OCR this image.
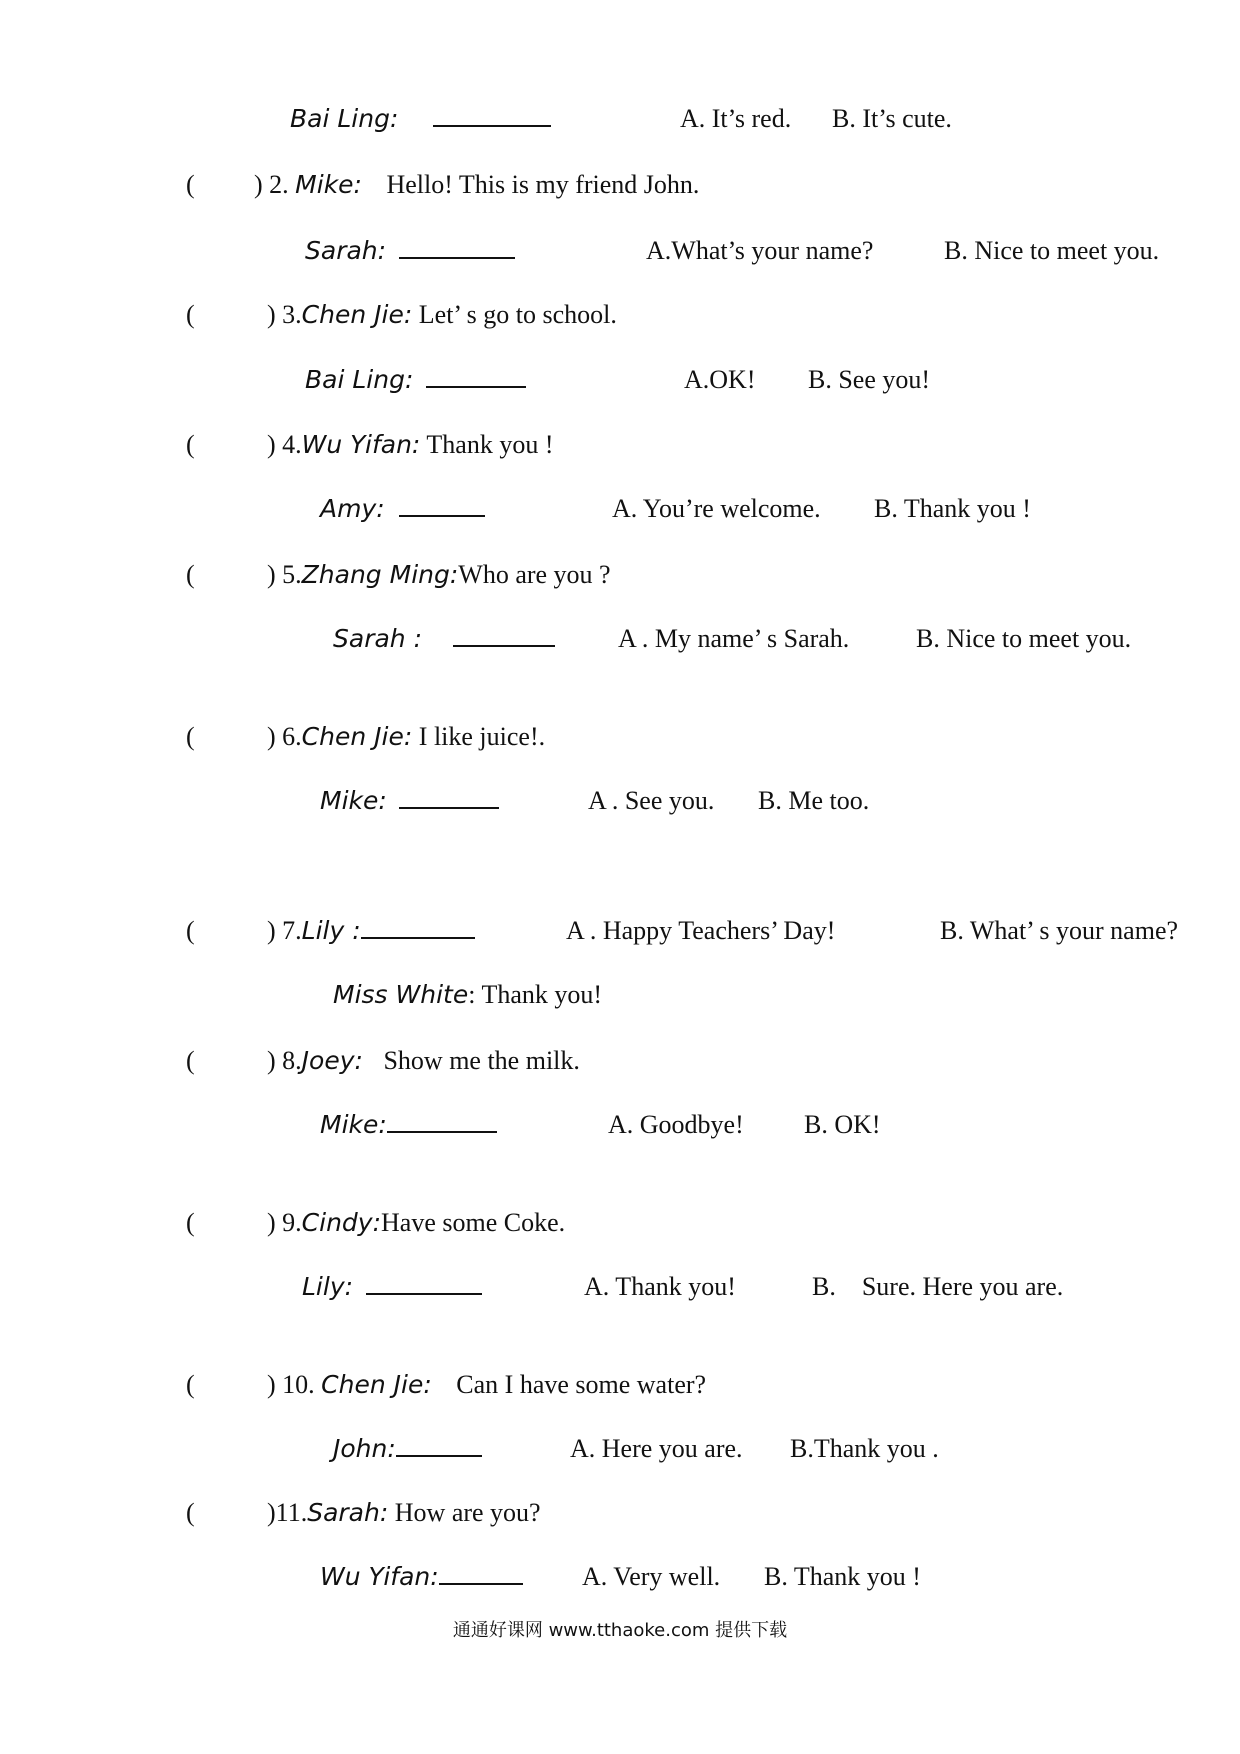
Bai Ling:	A. It’s red. B. It’s cute.
( ) 2. Mike: Hello! This is my friend John.
Sarah:	A.What’s your name?	B. Nice to meet you.
(	) 3.Chen Jie: Let’ s go to school.
Bai Ling:	A.OK! B. See you!
(	) 4.Wu Yifan: Thank you !
Amy:	A. You’re welcome. B. Thank you !
(	) 5.Zhang Ming:Who are you ?
Sarah :	A . My name’ s Sarah.	B. Nice to meet you.
(	) 6.Chen Jie: I like juice!.
Mike:	A . See you. B. Me too.
(	) 7.Lily :	A . Happy Teachers’ Day!	B. What’ s your name?
Miss White: Thank you!
(	) 8.Joey: Show me the milk.
Mike:	A. Goodbye! B. OK!
(	) 9.Cindy:Have some Coke.
Lily:	A. Thank you!	B.    Sure. Here you are.
(	) 10. Chen Jie: Can I have some water?
John:	A. Here you are. B.Thank you .
(	)11.Sarah: How are you?
Wu Yifan:	A. Very well. B. Thank you !
通通好课网 www.tthaoke.com 提供下载
